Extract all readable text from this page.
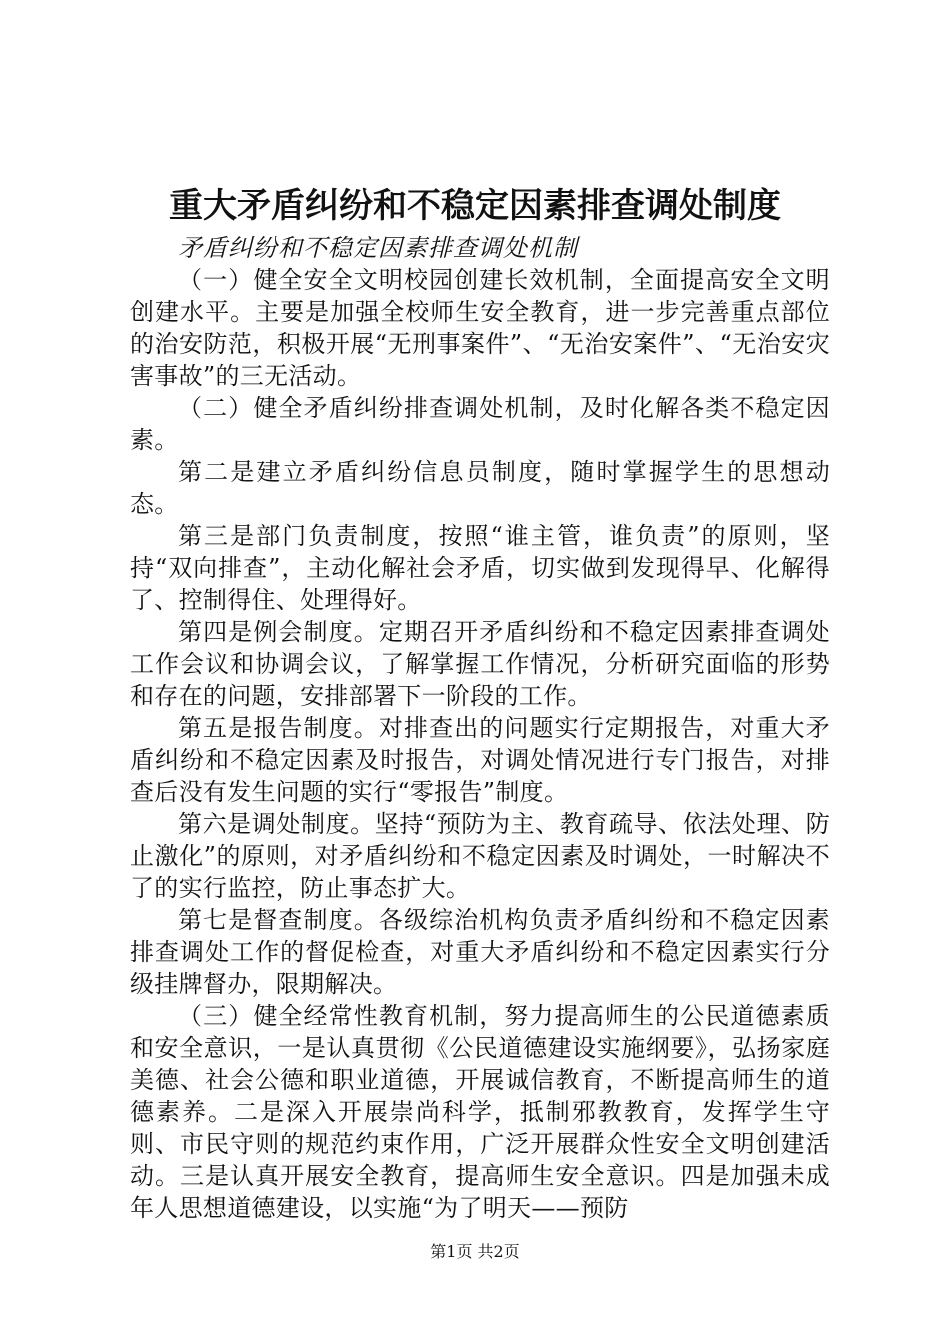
重大矛盾纠纷和不稳定因素排查调处制度

矛盾纠纷和不稳定因素排查调处机制

（一）健全安全文明校园创建长效机制，全面提高安全文明创建水平。主要是加强全校师生安全教育，进一步完善重点部位的治安防范，积极开展“无刑事案件”、“无治安案件”、“无治安灾害事故”的三无活动。

（二）健全矛盾纠纷排查调处机制，及时化解各类不稳定因素。

第二是建立矛盾纠纷信息员制度，随时掌握学生的思想动态。

第三是部门负责制度，按照“谁主管，谁负责”的原则，坚持“双向排查”，主动化解社会矛盾，切实做到发现得早、化解得了、控制得住、处理得好。

第四是例会制度。定期召开矛盾纠纷和不稳定因素排查调处工作会议和协调会议，了解掌握工作情况，分析研究面临的形势和存在的问题，安排部署下一阶段的工作。

第五是报告制度。对排查出的问题实行定期报告，对重大矛盾纠纷和不稳定因素及时报告，对调处情况进行专门报告，对排查后没有发生问题的实行“零报告”制度。

第六是调处制度。坚持“预防为主、教育疏导、依法处理、防止激化”的原则，对矛盾纠纷和不稳定因素及时调处，一时解决不了的实行监控，防止事态扩大。

第七是督查制度。各级综治机构负责矛盾纠纷和不稳定因素排查调处工作的督促检查，对重大矛盾纠纷和不稳定因素实行分级挂牌督办，限期解决。

（三）健全经常性教育机制，努力提高师生的公民道德素质和安全意识，一是认真贯彻《公民道德建设实施纲要》，弘扬家庭美德、社会公德和职业道德，开展诚信教育，不断提高师生的道德素养。二是深入开展崇尚科学，抵制邪教教育，发挥学生守则、市民守则的规范约束作用，广泛开展群众性安全文明创建活动。三是认真开展安全教育，提高师生安全意识。四是加强未成年人思想道德建设，以实施“为了明天——预防

第1页 共2页
